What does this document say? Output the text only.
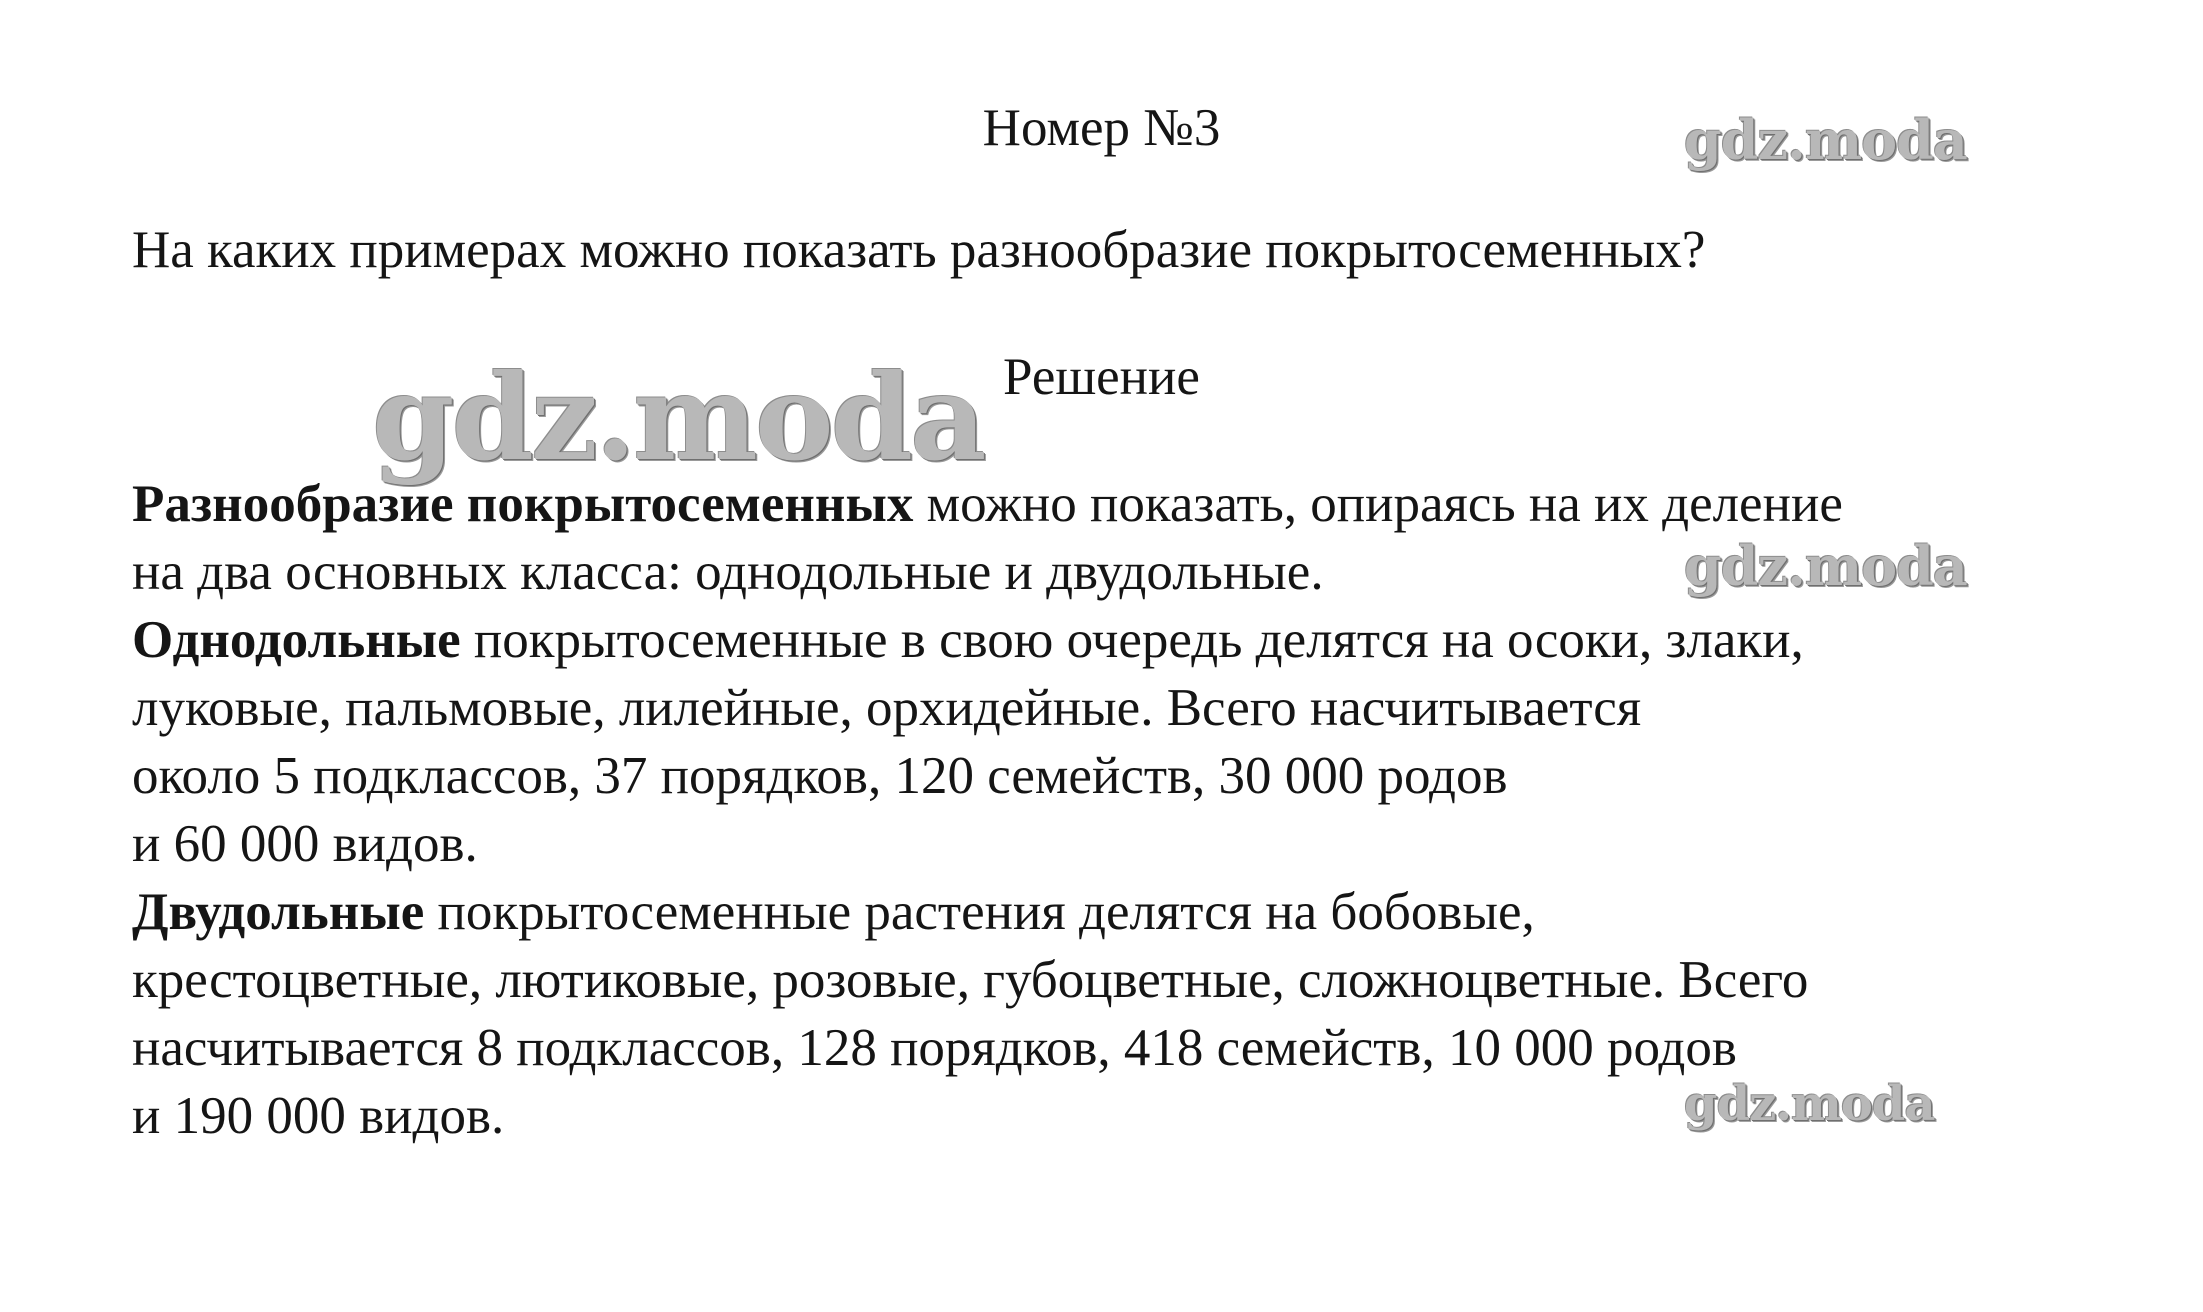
Номер №3	gdz.moda
На каких примерах можно показать разнообразие покрытосеменных?
gdz.moda Решение
Разнообразие покрытосеменных можно показать, опираясь на их деление
на два основных класса: однодольные и двудольные.
Однодольные покрытосеменные в свою очередь делятся на осоки, злаки,
луковые, пальмовые, лилейные, орхидейные. Всего насчитывается
около 5 подклассов, 37 порядков, 120 семейств, 30 000 родов
и 60 000 видов.
Двудольные покрытосеменные растения делятся на бобовые,
крестоцветные, лютиковые, розовые, губоцветные, сложноцветные. Всего
насчитывается 8 подклассов, 128 порядков, 418 семейств, 10 000 родов
и 190 000 видов.
gdz.moda
gdz.moda
